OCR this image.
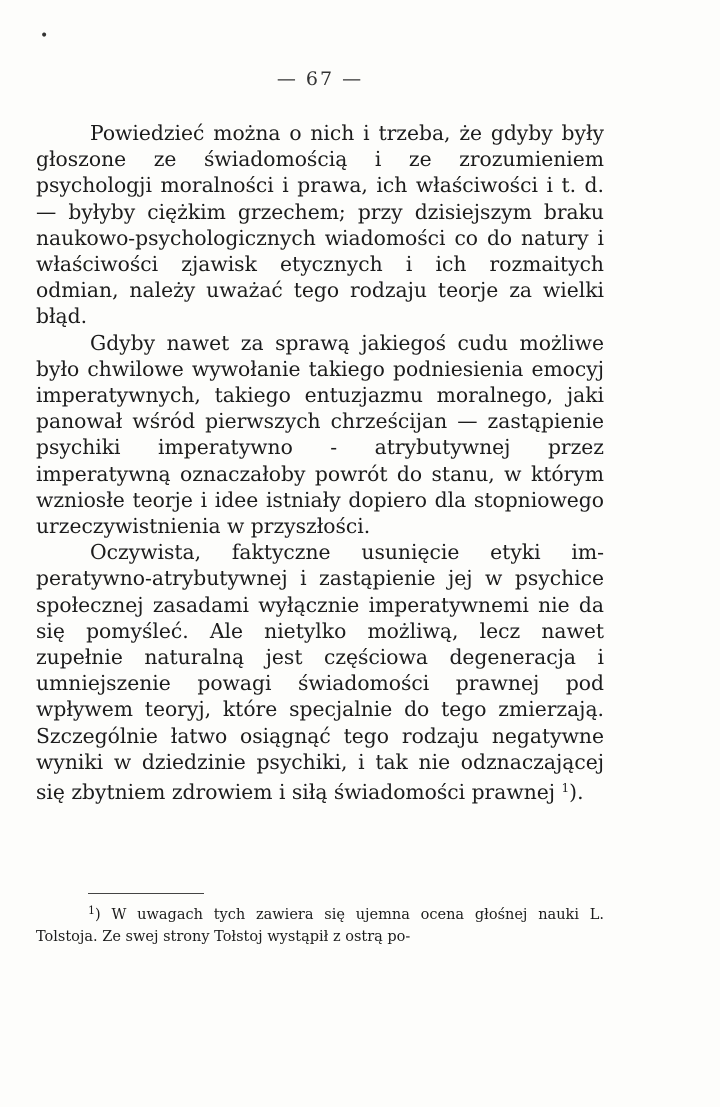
•
— 67 —

Powiedzieć można o nich i trzeba, że gdyby były głoszone ze świadomością i ze zrozumieniem psychologji moralności i prawa, ich właściwości i t. d. — byłyby ciężkim grzechem; przy dzisiejszym braku naukowo-psychologicznych wiadomości co do natury i właściwości zjawisk etycznych i ich rozmaitych odmian, należy uważać tego rodzaju teorje za wielki błąd.

Gdyby nawet za sprawą jakiegoś cudu możliwe było chwilowe wywołanie takiego podniesienia emocyj imperatywnych, takiego entuzjazmu moralnego, jaki panował wśród pierwszych chrześcijan — zastąpienie psychiki imperatywno - atrybutywnej przez imperatywną oznaczałoby powrót do stanu, w którym wzniosłe teorje i idee istniały dopiero dla stopniowego urzeczywistnienia w przyszłości.

Oczywista, faktyczne usunięcie etyki imperatywno-atrybutywnej i zastąpienie jej w psychice społecznej zasadami wyłącznie imperatywnemi nie da się pomyśleć. Ale nietylko możliwą, lecz nawet zupełnie naturalną jest częściowa degeneracja i umniejszenie powagi świadomości prawnej pod wpływem teoryj, które specjalnie do tego zmierzają. Szczególnie łatwo osiągnąć tego rodzaju negatywne wyniki w dziedzinie psychiki, i tak nie odznaczającej się zbytniem zdrowiem i siłą świadomości prawnej $^1$).

$^1$) W uwagach tych zawiera się ujemna ocena głośnej nauki L. Tolstoja. Ze swej strony Tołstoj wystąpił z ostrą po-
